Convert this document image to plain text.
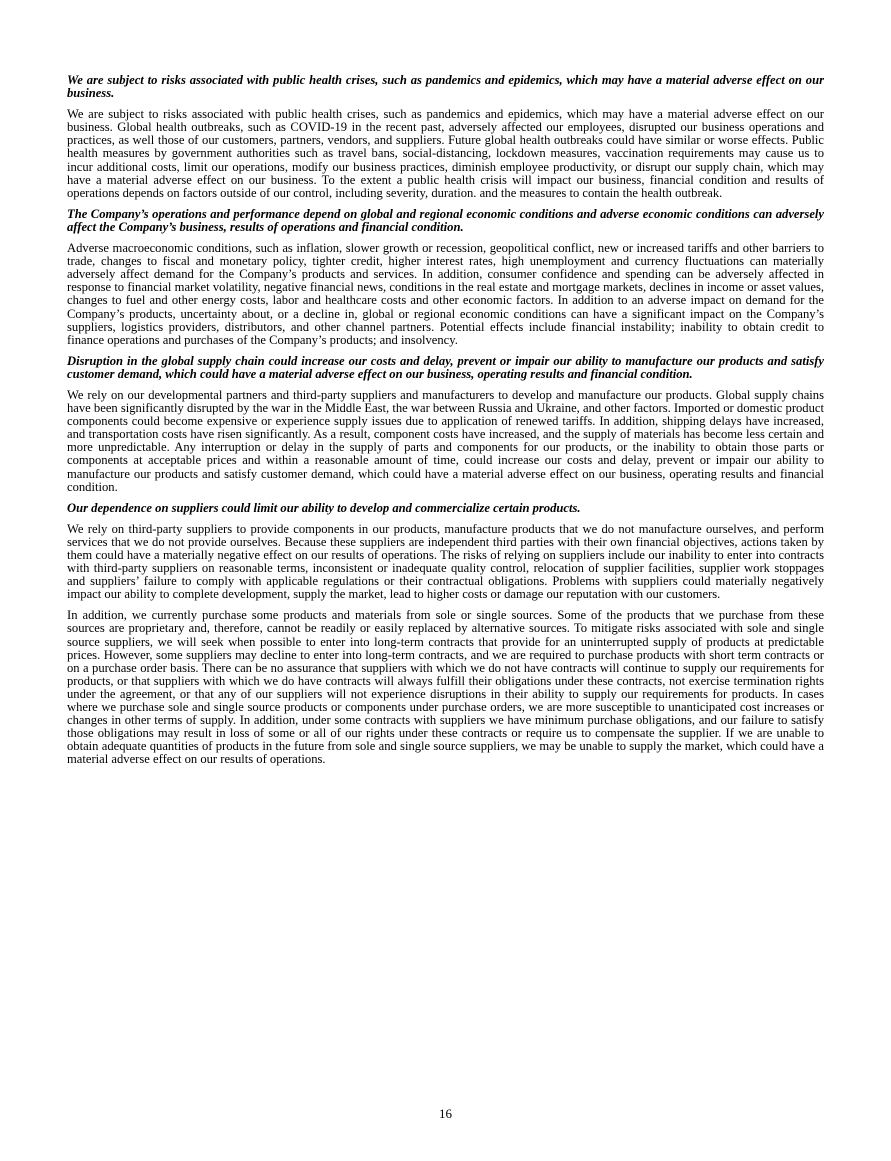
We are subject to risks associated with public health crises, such as pandemics and epidemics, which may have a material adverse effect on our business.

We are subject to risks associated with public health crises, such as pandemics and epidemics, which may have a material adverse effect on our business. Global health outbreaks, such as COVID-19 in the recent past, adversely affected our employees, disrupted our business operations and practices, as well those of our customers, partners, vendors, and suppliers. Future global health outbreaks could have similar or worse effects. Public health measures by government authorities such as travel bans, social-distancing, lockdown measures, vaccination requirements may cause us to incur additional costs, limit our operations, modify our business practices, diminish employee productivity, or disrupt our supply chain, which may have a material adverse effect on our business. To the extent a public health crisis will impact our business, financial condition and results of operations depends on factors outside of our control, including severity, duration. and the measures to contain the health outbreak.

The Company’s operations and performance depend on global and regional economic conditions and adverse economic conditions can adversely affect the Company’s business, results of operations and financial condition.

Adverse macroeconomic conditions, such as inflation, slower growth or recession, geopolitical conflict, new or increased tariffs and other barriers to trade, changes to fiscal and monetary policy, tighter credit, higher interest rates, high unemployment and currency fluctuations can materially adversely affect demand for the Company’s products and services. In addition, consumer confidence and spending can be adversely affected in response to financial market volatility, negative financial news, conditions in the real estate and mortgage markets, declines in income or asset values, changes to fuel and other energy costs, labor and healthcare costs and other economic factors. In addition to an adverse impact on demand for the Company’s products, uncertainty about, or a decline in, global or regional economic conditions can have a significant impact on the Company’s suppliers, logistics providers, distributors, and other channel partners. Potential effects include financial instability; inability to obtain credit to finance operations and purchases of the Company’s products; and insolvency.

Disruption in the global supply chain could increase our costs and delay, prevent or impair our ability to manufacture our products and satisfy customer demand, which could have a material adverse effect on our business, operating results and financial condition.

We rely on our developmental partners and third-party suppliers and manufacturers to develop and manufacture our products. Global supply chains have been significantly disrupted by the war in the Middle East, the war between Russia and Ukraine, and other factors. Imported or domestic product components could become expensive or experience supply issues due to application of renewed tariffs. In addition, shipping delays have increased, and transportation costs have risen significantly. As a result, component costs have increased, and the supply of materials has become less certain and more unpredictable. Any interruption or delay in the supply of parts and components for our products, or the inability to obtain those parts or components at acceptable prices and within a reasonable amount of time, could increase our costs and delay, prevent or impair our ability to manufacture our products and satisfy customer demand, which could have a material adverse effect on our business, operating results and financial condition.

Our dependence on suppliers could limit our ability to develop and commercialize certain products.

We rely on third-party suppliers to provide components in our products, manufacture products that we do not manufacture ourselves, and perform services that we do not provide ourselves. Because these suppliers are independent third parties with their own financial objectives, actions taken by them could have a materially negative effect on our results of operations. The risks of relying on suppliers include our inability to enter into contracts with third-party suppliers on reasonable terms, inconsistent or inadequate quality control, relocation of supplier facilities, supplier work stoppages and suppliers’ failure to comply with applicable regulations or their contractual obligations. Problems with suppliers could materially negatively impact our ability to complete development, supply the market, lead to higher costs or damage our reputation with our customers.

In addition, we currently purchase some products and materials from sole or single sources. Some of the products that we purchase from these sources are proprietary and, therefore, cannot be readily or easily replaced by alternative sources. To mitigate risks associated with sole and single source suppliers, we will seek when possible to enter into long-term contracts that provide for an uninterrupted supply of products at predictable prices. However, some suppliers may decline to enter into long-term contracts, and we are required to purchase products with short term contracts or on a purchase order basis. There can be no assurance that suppliers with which we do not have contracts will continue to supply our requirements for products, or that suppliers with which we do have contracts will always fulfill their obligations under these contracts, not exercise termination rights under the agreement, or that any of our suppliers will not experience disruptions in their ability to supply our requirements for products. In cases where we purchase sole and single source products or components under purchase orders, we are more susceptible to unanticipated cost increases or changes in other terms of supply. In addition, under some contracts with suppliers we have minimum purchase obligations, and our failure to satisfy those obligations may result in loss of some or all of our rights under these contracts or require us to compensate the supplier. If we are unable to obtain adequate quantities of products in the future from sole and single source suppliers, we may be unable to supply the market, which could have a material adverse effect on our results of operations.

16
